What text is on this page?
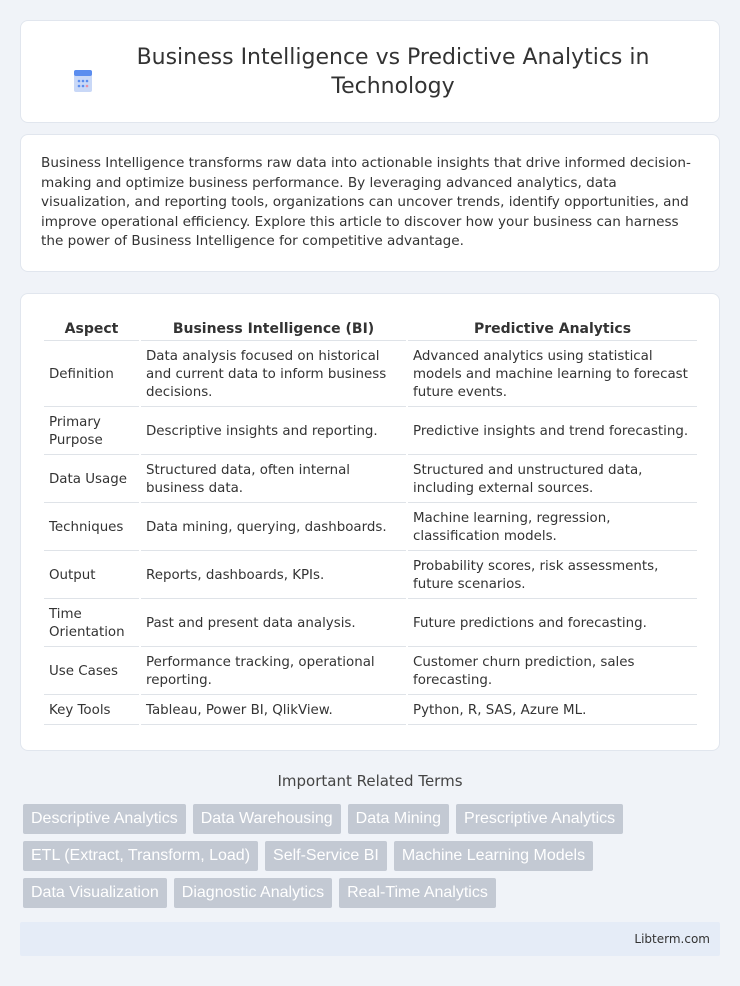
Business Intelligence vs Predictive Analytics in Technology

Business Intelligence transforms raw data into actionable insights that drive informed decision-making and optimize business performance. By leveraging advanced analytics, data visualization, and reporting tools, organizations can uncover trends, identify opportunities, and improve operational efficiency. Explore this article to discover how your business can harness the power of Business Intelligence for competitive advantage.

Aspect	Business Intelligence (BI)	Predictive Analytics
Definition	Data analysis focused on historical and current data to inform business decisions.	Advanced analytics using statistical models and machine learning to forecast future events.
Primary Purpose	Descriptive insights and reporting.	Predictive insights and trend forecasting.
Data Usage	Structured data, often internal business data.	Structured and unstructured data, including external sources.
Techniques	Data mining, querying, dashboards.	Machine learning, regression, classification models.
Output	Reports, dashboards, KPIs.	Probability scores, risk assessments, future scenarios.
Time Orientation	Past and present data analysis.	Future predictions and forecasting.
Use Cases	Performance tracking, operational reporting.	Customer churn prediction, sales forecasting.
Key Tools	Tableau, Power BI, QlikView.	Python, R, SAS, Azure ML.
Important Related Terms
Descriptive Analytics	Data Warehousing	Data Mining	Prescriptive Analytics
ETL (Extract, Transform, Load)	Self-Service BI	Machine Learning Models
Data Visualization	Diagnostic Analytics	Real-Time Analytics
Libterm.com
